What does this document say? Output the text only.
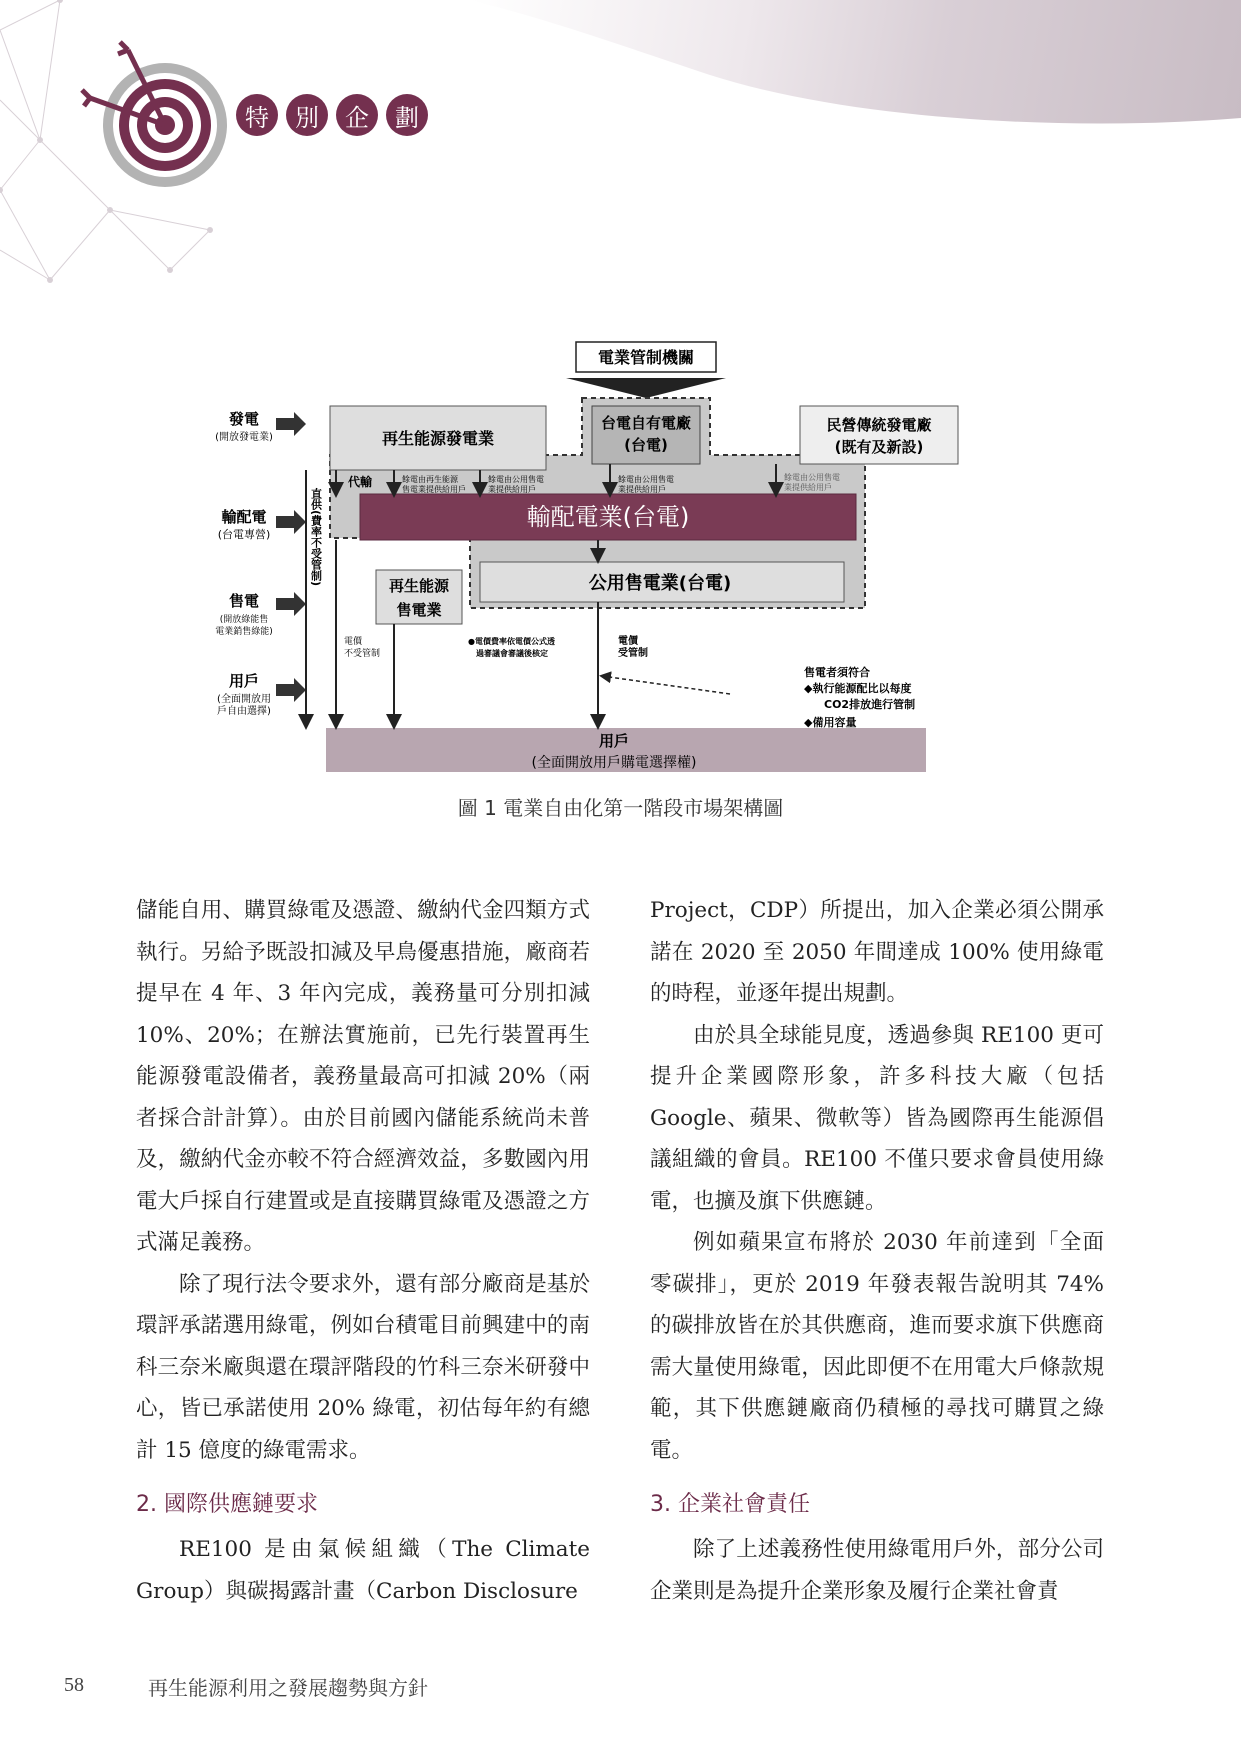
特	別	企	劃
電業管制機關
再生能源發電業
台電自有電廠
(台電)
民營傳統發電廠
(既有及新設)
輸配電業(台電)
再生能源
售電業
公用售電業(台電)
用戶
(全面開放用戶購電選擇權)
發電
(開放發電業)
輸配電
(台電專營)
售電
(開放綠能售
電業銷售綠能)
用戶
(全面開放用
戶自由選擇)
直供(費率不受管制)
代輸	餘電由再生能源
售電業提供給用戶
餘電由公用售電
業提供給用戶
餘電由公用售電
業提供給用戶
餘電由公用售電
業提供給用戶
電價
不受管制
●電價費率依電價公式透
過審議會審議後核定
電價
受管制
售電者須符合
◆執行能源配比以每度
CO2排放進行管制
◆備用容量
圖 1 電業自由化第一階段市場架構圖

儲能自用、購買綠電及憑證、繳納代金四類方式執行。另給予既設扣減及早鳥優惠措施，廠商若提早在 4 年、3 年內完成，義務量可分別扣減 10%、20%；在辦法實施前，已先行裝置再生能源發電設備者，義務量最高可扣減 20%（兩者採合計計算）。由於目前國內儲能系統尚未普及，繳納代金亦較不符合經濟效益，多數國內用電大戶採自行建置或是直接購買綠電及憑證之方式滿足義務。

除了現行法令要求外，還有部分廠商是基於環評承諾選用綠電，例如台積電目前興建中的南科三奈米廠與還在環評階段的竹科三奈米研發中心，皆已承諾使用 20% 綠電，初估每年約有總計 15 億度的綠電需求。

2. 國際供應鏈要求

RE100 是由氣候組織（The Climate Group）與碳揭露計畫（Carbon Disclosure

Project，CDP）所提出，加入企業必須公開承諾在 2020 至 2050 年間達成 100% 使用綠電的時程，並逐年提出規劃。

由於具全球能見度，透過參與 RE100 更可提升企業國際形象，許多科技大廠（包括 Google、蘋果、微軟等）皆為國際再生能源倡議組織的會員。RE100 不僅只要求會員使用綠電，也擴及旗下供應鏈。

例如蘋果宣布將於 2030 年前達到「全面零碳排」，更於 2019 年發表報告說明其 74% 的碳排放皆在於其供應商，進而要求旗下供應商需大量使用綠電，因此即便不在用電大戶條款規範，其下供應鏈廠商仍積極的尋找可購買之綠電。

3. 企業社會責任

除了上述義務性使用綠電用戶外，部分公司企業則是為提升企業形象及履行企業社會責

58	再生能源利用之發展趨勢與方針
